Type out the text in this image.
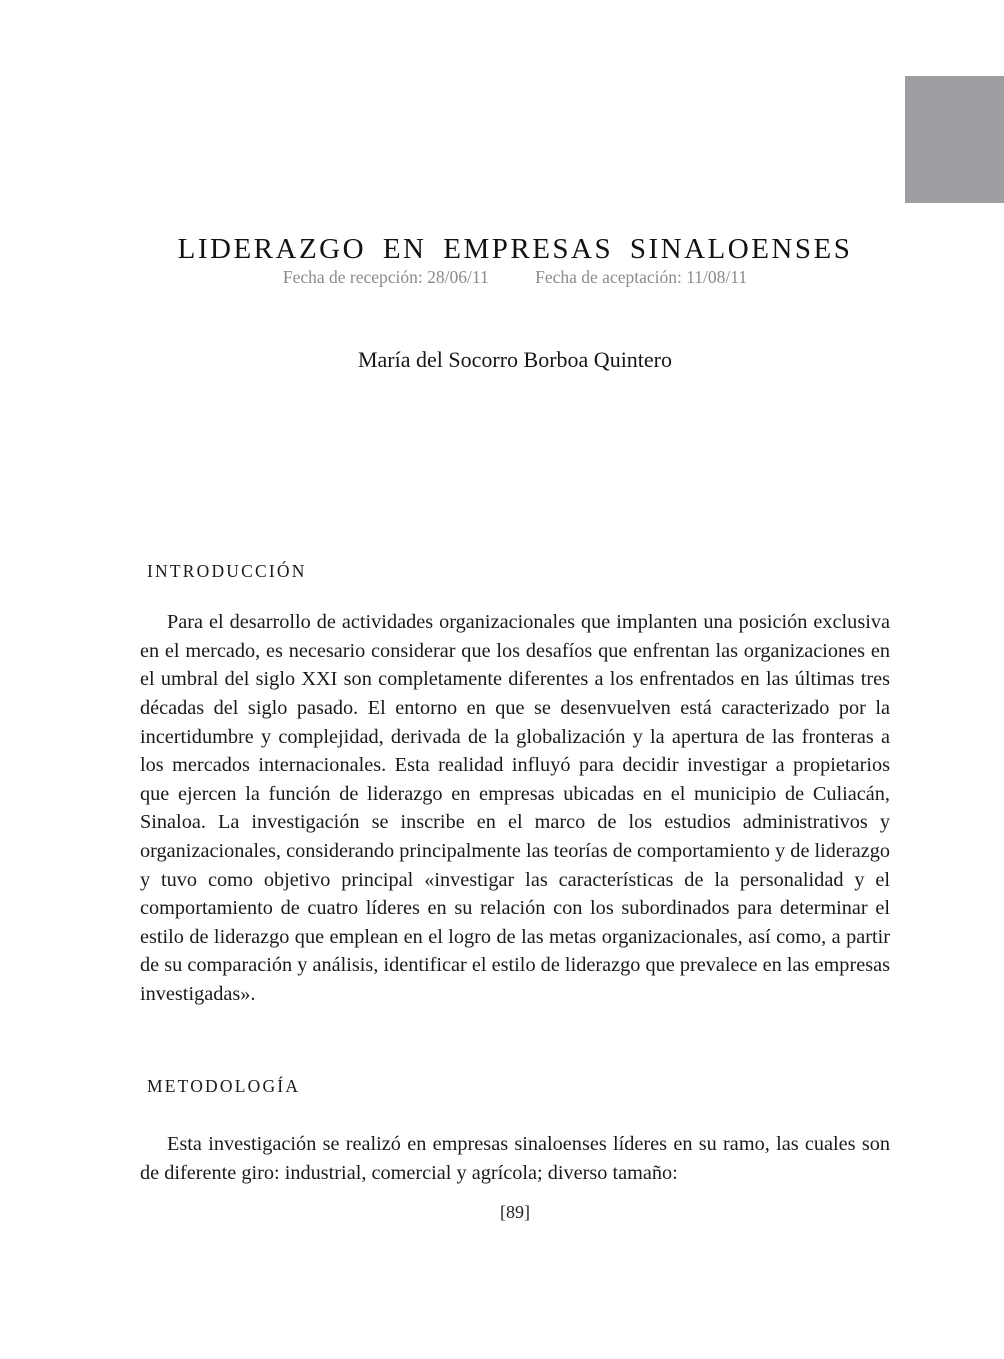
LIDERAZGO EN EMPRESAS SINALOENSES
Fecha de recepción: 28/06/11	Fecha de aceptación: 11/08/11
María del Socorro Borboa Quintero
INTRODUCCIÓN

Para el desarrollo de actividades organizacionales que implanten una posición exclusiva en el mercado, es necesario considerar que los desafíos que enfrentan las organizaciones en el umbral del siglo XXI son completamente diferentes a los enfrentados en las últimas tres décadas del siglo pasado. El entorno en que se desenvuelven está caracterizado por la incertidumbre y complejidad, derivada de la globalización y la apertura de las fronteras a los mercados internacionales. Esta realidad influyó para decidir investigar a propietarios que ejercen la función de liderazgo en empresas ubicadas en el municipio de Culiacán, Sinaloa. La investigación se inscribe en el marco de los estudios administrativos y organizacionales, considerando principalmente las teorías de comportamiento y de liderazgo y tuvo como objetivo principal «investigar las características de la personalidad y el comportamiento de cuatro líderes en su relación con los subordinados para determinar el estilo de liderazgo que emplean en el logro de las metas organizacionales, así como, a partir de su comparación y análisis, identificar el estilo de liderazgo que prevalece en las empresas investigadas».

METODOLOGÍA

Esta investigación se realizó en empresas sinaloenses líderes en su ramo, las cuales son de diferente giro: industrial, comercial y agrícola; diverso tamaño:

[89]
